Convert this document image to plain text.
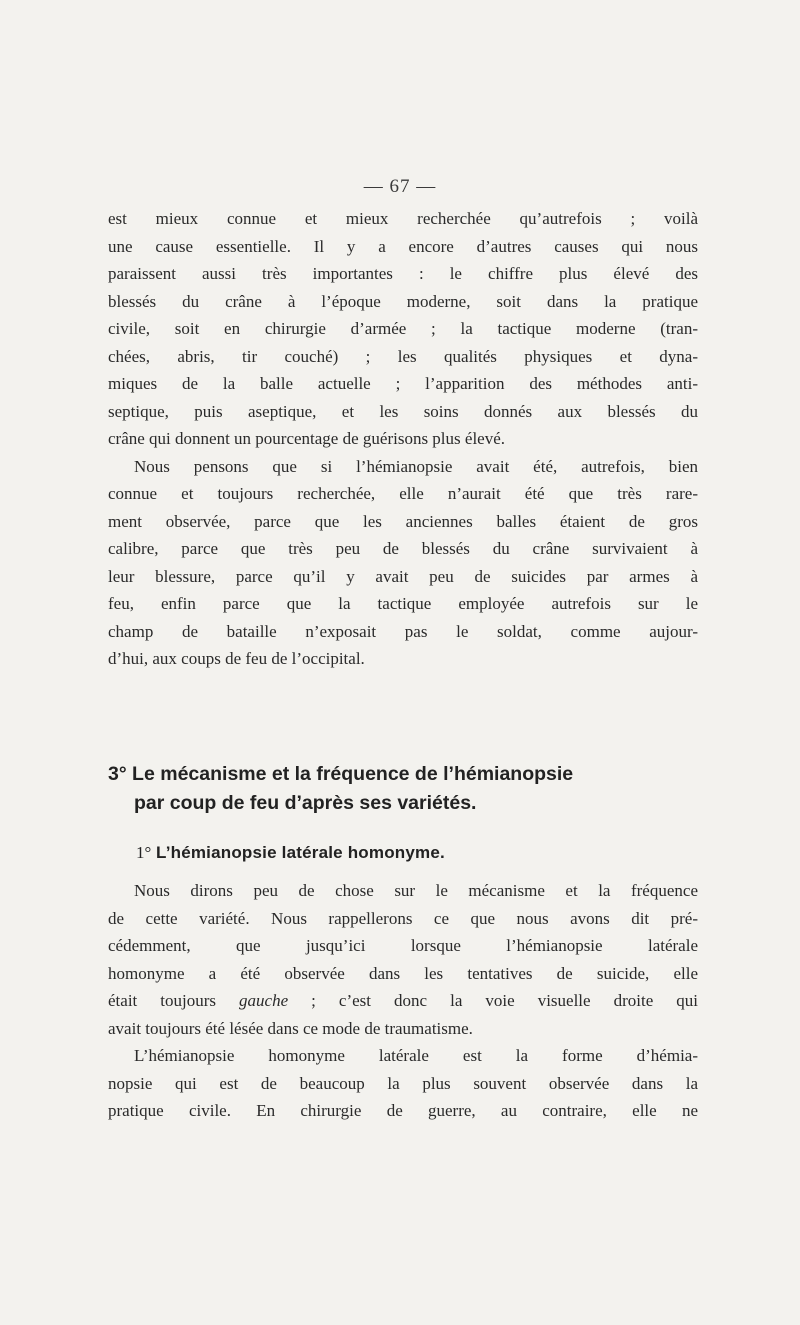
— 67 —
est mieux connue et mieux recherchée qu’autrefois ; voilà
une cause essentielle. Il y a encore d’autres causes qui nous
paraissent aussi très importantes : le chiffre plus élevé des
blessés du crâne à l’époque moderne, soit dans la pratique
civile, soit en chirurgie d’armée ; la tactique moderne (tran-
chées, abris, tir couché) ; les qualités physiques et dyna-
miques de la balle actuelle ; l’apparition des méthodes anti-
septique, puis aseptique, et les soins donnés aux blessés du
crâne qui donnent un pourcentage de guérisons plus élevé.
Nous pensons que si l’hémianopsie avait été, autrefois, bien
connue et toujours recherchée, elle n’aurait été que très rare-
ment observée, parce que les anciennes balles étaient de gros
calibre, parce que très peu de blessés du crâne survivaient à
leur blessure, parce qu’il y avait peu de suicides par armes à
feu, enfin parce que la tactique employée autrefois sur le
champ de bataille n’exposait pas le soldat, comme aujour-
d’hui, aux coups de feu de l’occipital.
3° Le mécanisme et la fréquence de l’hémianopsie
par coup de feu d’après ses variétés.
1° L’hémianopsie latérale homonyme.
Nous dirons peu de chose sur le mécanisme et la fréquence
de cette variété. Nous rappellerons ce que nous avons dit pré-
cédemment, que jusqu’ici lorsque l’hémianopsie latérale
homonyme a été observée dans les tentatives de suicide, elle
était toujours gauche ; c’est donc la voie visuelle droite qui
avait toujours été lésée dans ce mode de traumatisme.
L’hémianopsie homonyme latérale est la forme d’hémia-
nopsie qui est de beaucoup la plus souvent observée dans la
pratique civile. En chirurgie de guerre, au contraire, elle ne
